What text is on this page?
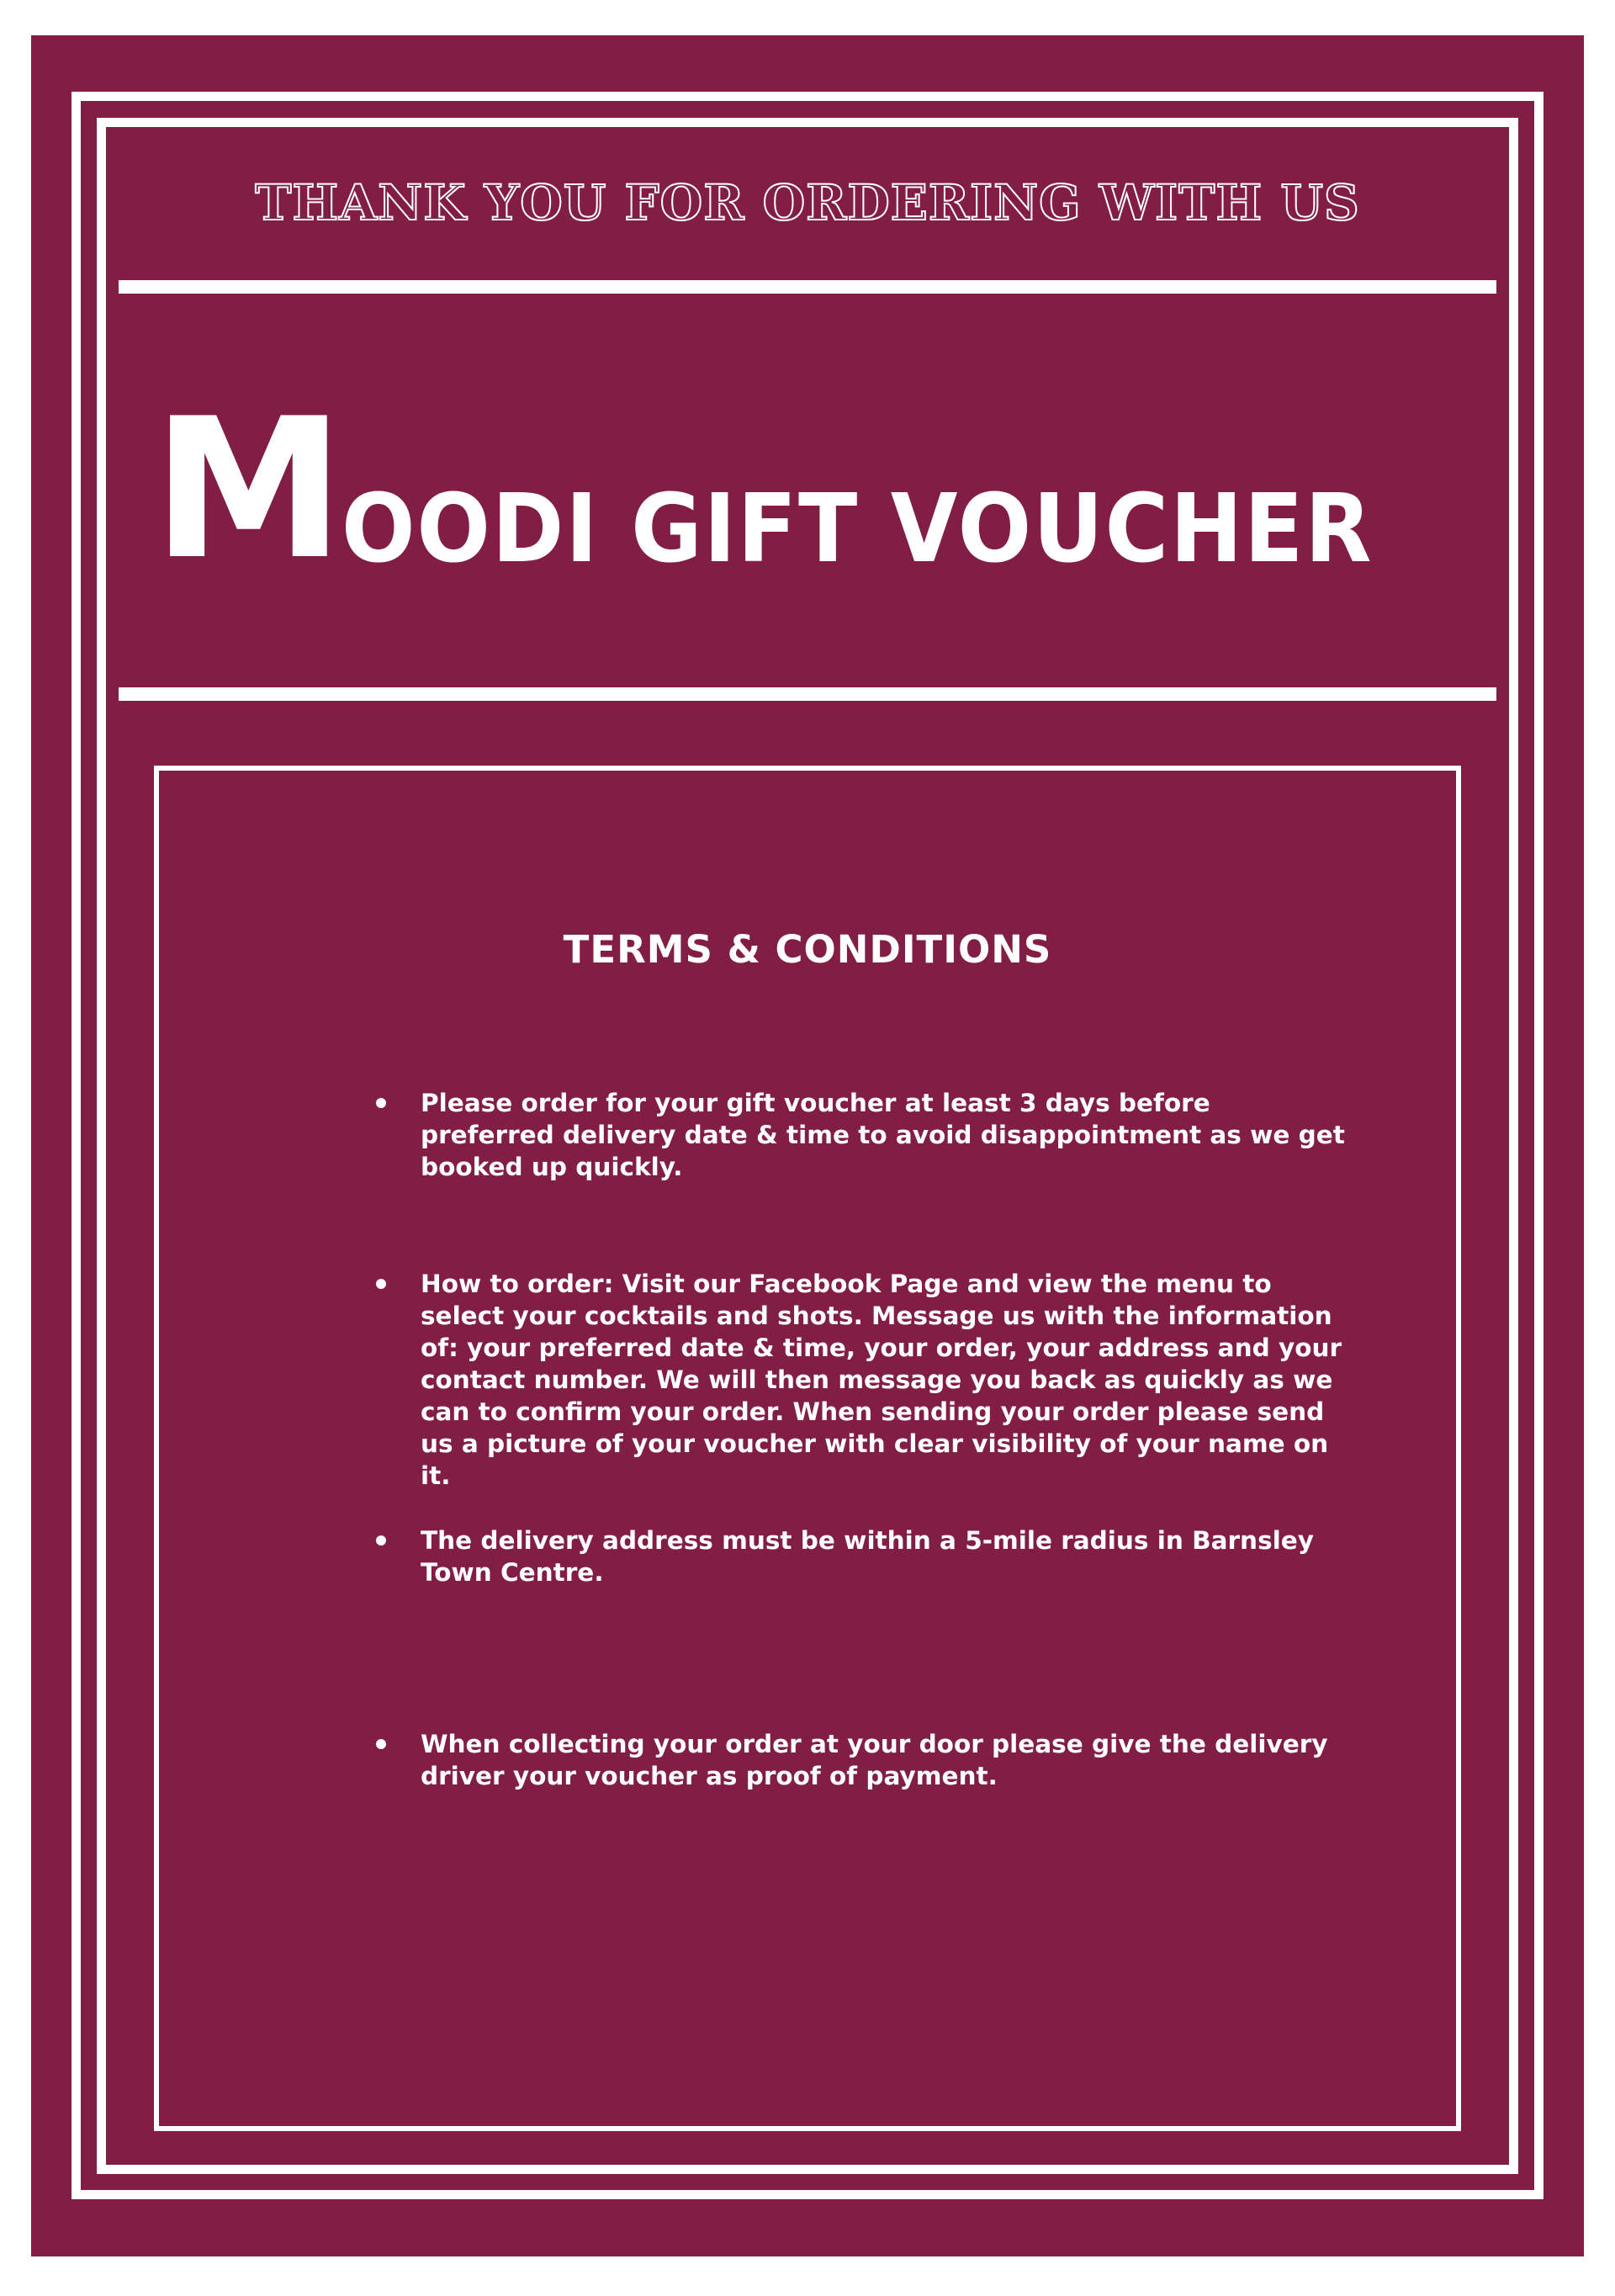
THANK YOU FOR ORDERING WITH US
M OODI GIFT VOUCHER
TERMS & CONDITIONS
Please order for your gift voucher at least 3 days before preferred delivery date & time to avoid disappointment as we get booked up quickly.
How to order: Visit our Facebook Page and view the menu to select your cocktails and shots. Message us with the information of: your preferred date & time, your order, your address and your contact number. We will then message you back as quickly as we can to confirm your order. When sending your order please send us a picture of your voucher with clear visibility of your name on it.
The delivery address must be within a 5-mile radius in Barnsley Town Centre.
When collecting your order at your door please give the delivery driver your voucher as proof of payment.
